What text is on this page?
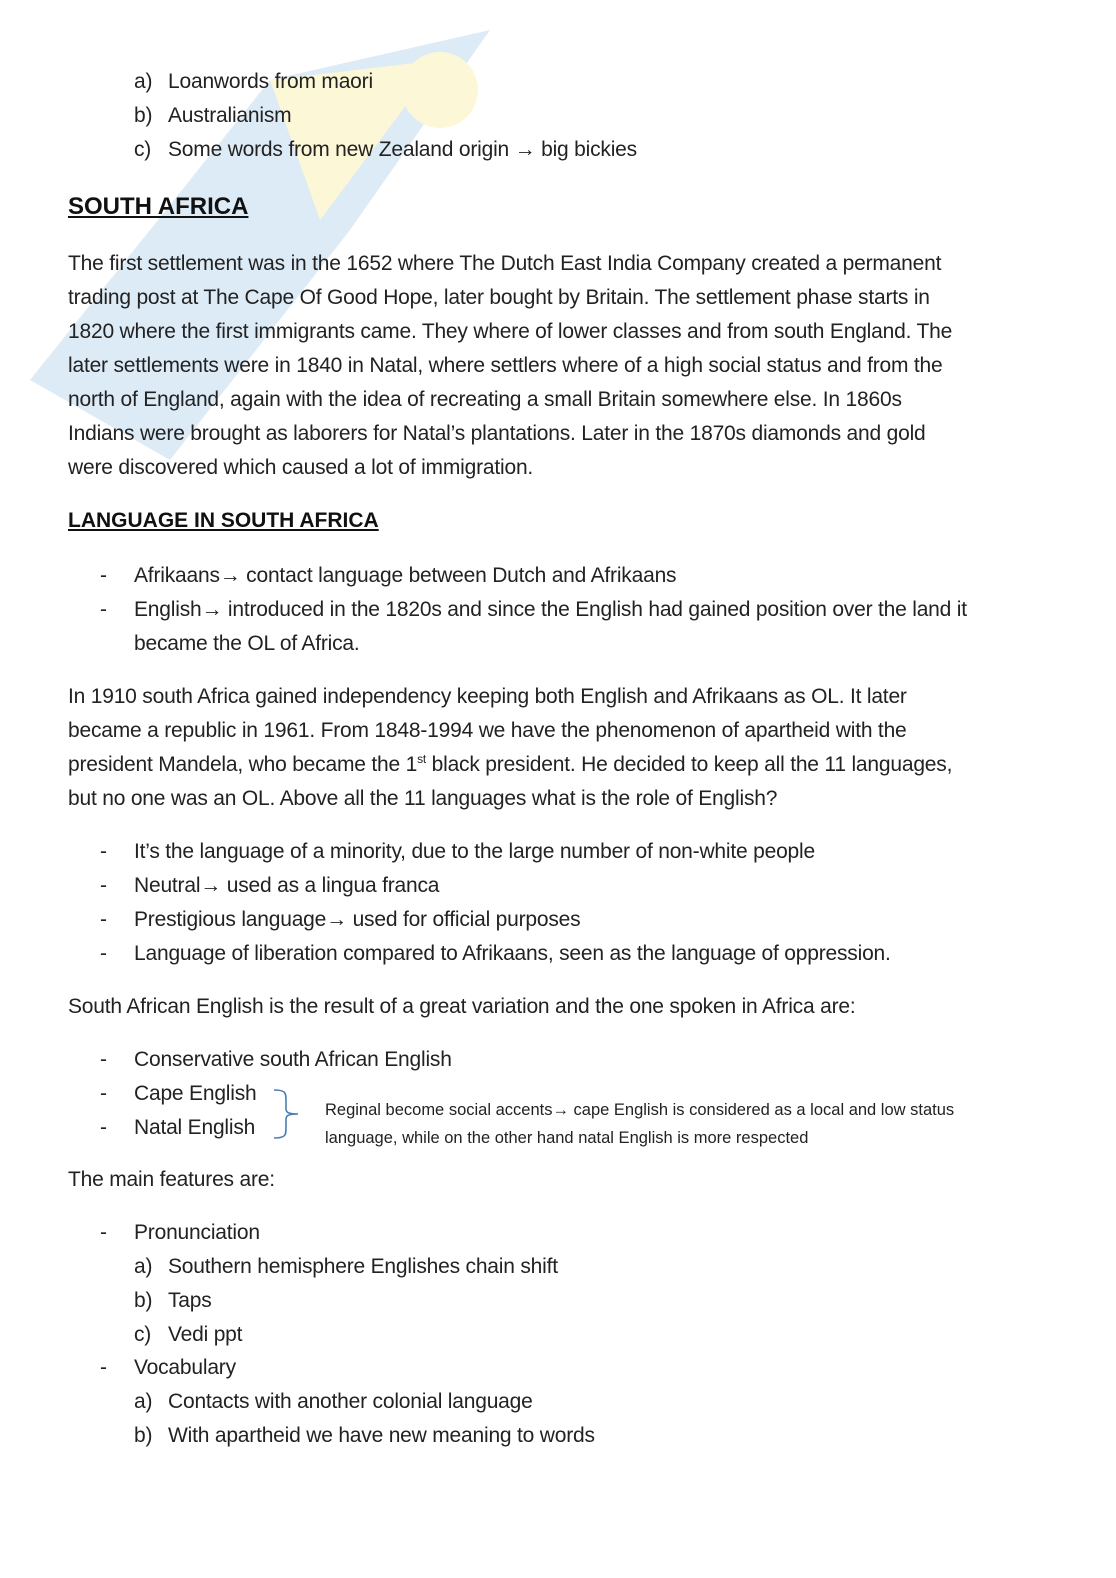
a) Loanwords from maori
b) Australianism
c) Some words from new Zealand origin → big bickies
SOUTH AFRICA
The first settlement was in the 1652 where The Dutch East India Company created a permanent
trading post at The Cape Of Good Hope, later bought by Britain. The settlement phase starts in
1820 where the first immigrants came. They where of lower classes and from south England. The
later settlements were in 1840 in Natal, where settlers where of a high social status and from the
north of England, again with the idea of recreating a small Britain somewhere else. In 1860s
Indians were brought as laborers for Natal’s plantations. Later in the 1870s diamonds and gold
were discovered which caused a lot of immigration.
LANGUAGE IN SOUTH AFRICA
- Afrikaans→ contact language between Dutch and Afrikaans
- English→ introduced in the 1820s and since the English had gained position over the land it
became the OL of Africa.
In 1910 south Africa gained independency keeping both English and Afrikaans as OL. It later
became a republic in 1961. From 1848-1994 we have the phenomenon of apartheid with the
president Mandela, who became the 1st black president. He decided to keep all the 11 languages,
but no one was an OL. Above all the 11 languages what is the role of English?
- It’s the language of a minority, due to the large number of non-white people
- Neutral→ used as a lingua franca
- Prestigious language→ used for official purposes
- Language of liberation compared to Afrikaans, seen as the language of oppression.
South African English is the result of a great variation and the one spoken in Africa are:
- Conservative south African English
- Cape English
- Natal English
Reginal become social accents→ cape English is considered as a local and low status
language, while on the other hand natal English is more respected
The main features are:
- Pronunciation
a) Southern hemisphere Englishes chain shift
b) Taps
c) Vedi ppt
- Vocabulary
a) Contacts with another colonial language
b) With apartheid we have new meaning to words
